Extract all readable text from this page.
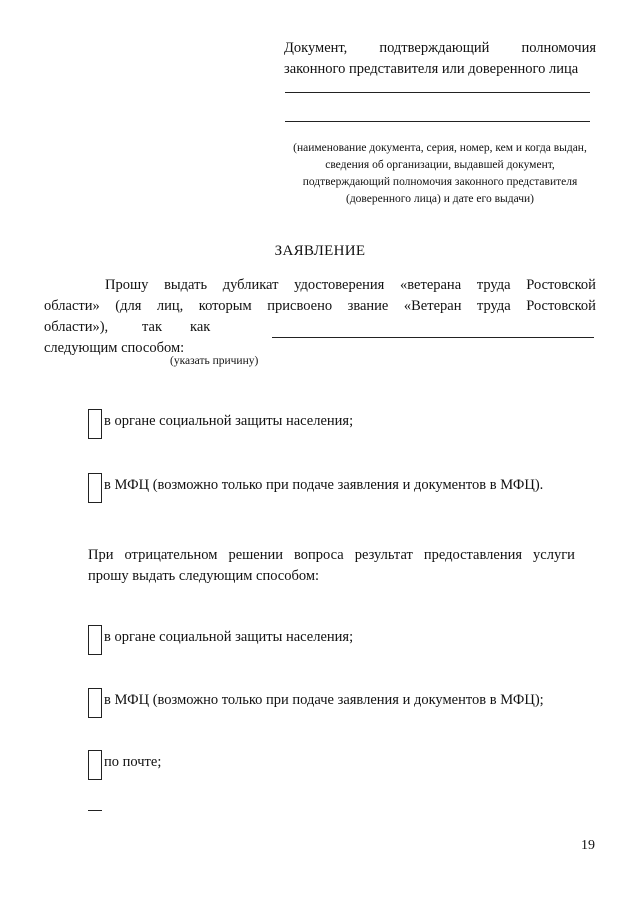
Документ, подтверждающий полномочия
законного представителя или доверенного лица
(наименование документа, серия, номер, кем и когда выдан,
сведения об организации, выдавшей документ,
подтверждающий полномочия законного представителя
(доверенного лица) и дате его выдачи)
ЗАЯВЛЕНИЕ
Прошу выдать дубликат удостоверения «ветерана труда Ростовской
области» (для лиц, которым присвоено звание «Ветеран труда Ростовской
области»),	так	как
следующим способом:
(указать причину)
в органе социальной защиты населения;
в МФЦ (возможно только при подаче заявления и документов в МФЦ).
При отрицательном решении вопроса результат предоставления услуги
прошу выдать следующим способом:
в органе социальной защиты населения;
в МФЦ (возможно только при подаче заявления и документов в МФЦ);
по почте;
19
